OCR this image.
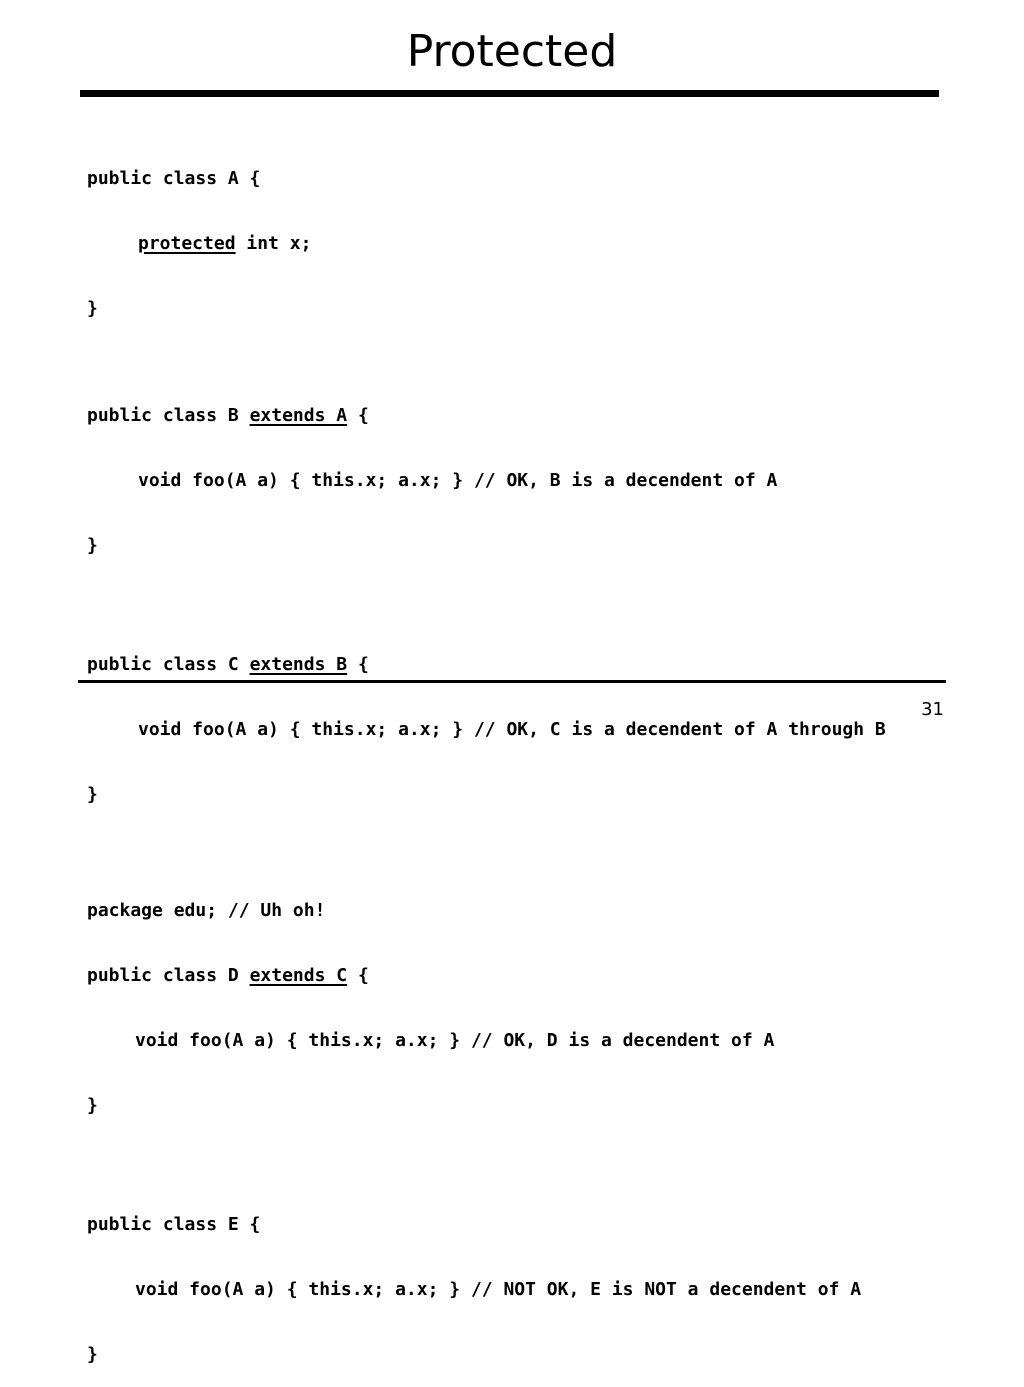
Protected

public class A {

protected int x;

}

public class B extends A {

void foo(A a) { this.x; a.x; } // OK, B is a decendent of A

}

public class C extends B {

void foo(A a) { this.x; a.x; } // OK, C is a decendent of A through B

}

package edu; // Uh oh!

public class D extends C {

void foo(A a) { this.x; a.x; } // OK, D is a decendent of A

}

public class E {

void foo(A a) { this.x; a.x; } // NOT OK, E is NOT a decendent of A

}

31
